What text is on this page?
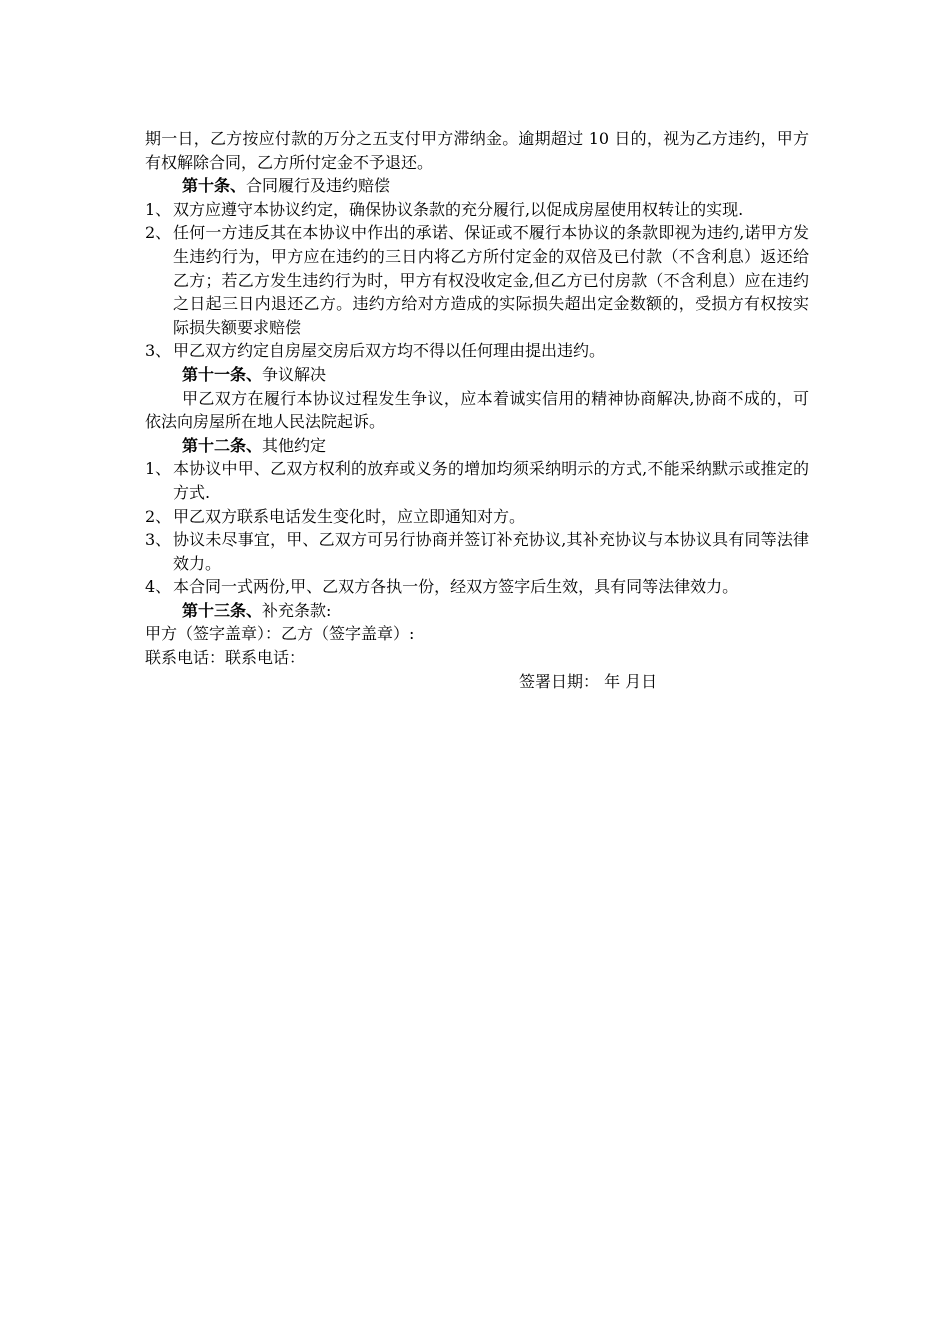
期一日，乙方按应付款的万分之五支付甲方滞纳金。逾期超过 10 日的，视为乙方违约，甲方有权解除合同，乙方所付定金不予退还。

第十条、合同履行及违约赔偿

1、 双方应遵守本协议约定，确保协议条款的充分履行,以促成房屋使用权转让的实现.
2、 任何一方违反其在本协议中作出的承诺、保证或不履行本协议的条款即视为违约,诺甲方发生违约行为，甲方应在违约的三日内将乙方所付定金的双倍及已付款（不含利息）返还给乙方；若乙方发生违约行为时，甲方有权没收定金,但乙方已付房款（不含利息）应在违约之日起三日内退还乙方。违约方给对方造成的实际损失超出定金数额的，受损方有权按实际损失额要求赔偿
3、 甲乙双方约定自房屋交房后双方均不得以任何理由提出违约。

第十一条、争议解决

甲乙双方在履行本协议过程发生争议，应本着诚实信用的精神协商解决,协商不成的，可依法向房屋所在地人民法院起诉。

第十二条、其他约定

1、 本协议中甲、乙双方权利的放弃或义务的增加均须采纳明示的方式,不能采纳默示或推定的方式.
2、 甲乙双方联系电话发生变化时，应立即通知对方。
3、 协议未尽事宜，甲、乙双方可另行协商并签订补充协议,其补充协议与本协议具有同等法律效力。
4、 本合同一式两份,甲、乙双方各执一份，经双方签字后生效，具有同等法律效力。

第十三条、补充条款:

甲方（签字盖章）：乙方（签字盖章）:

联系电话：联系电话：

签署日期： 年 月日
